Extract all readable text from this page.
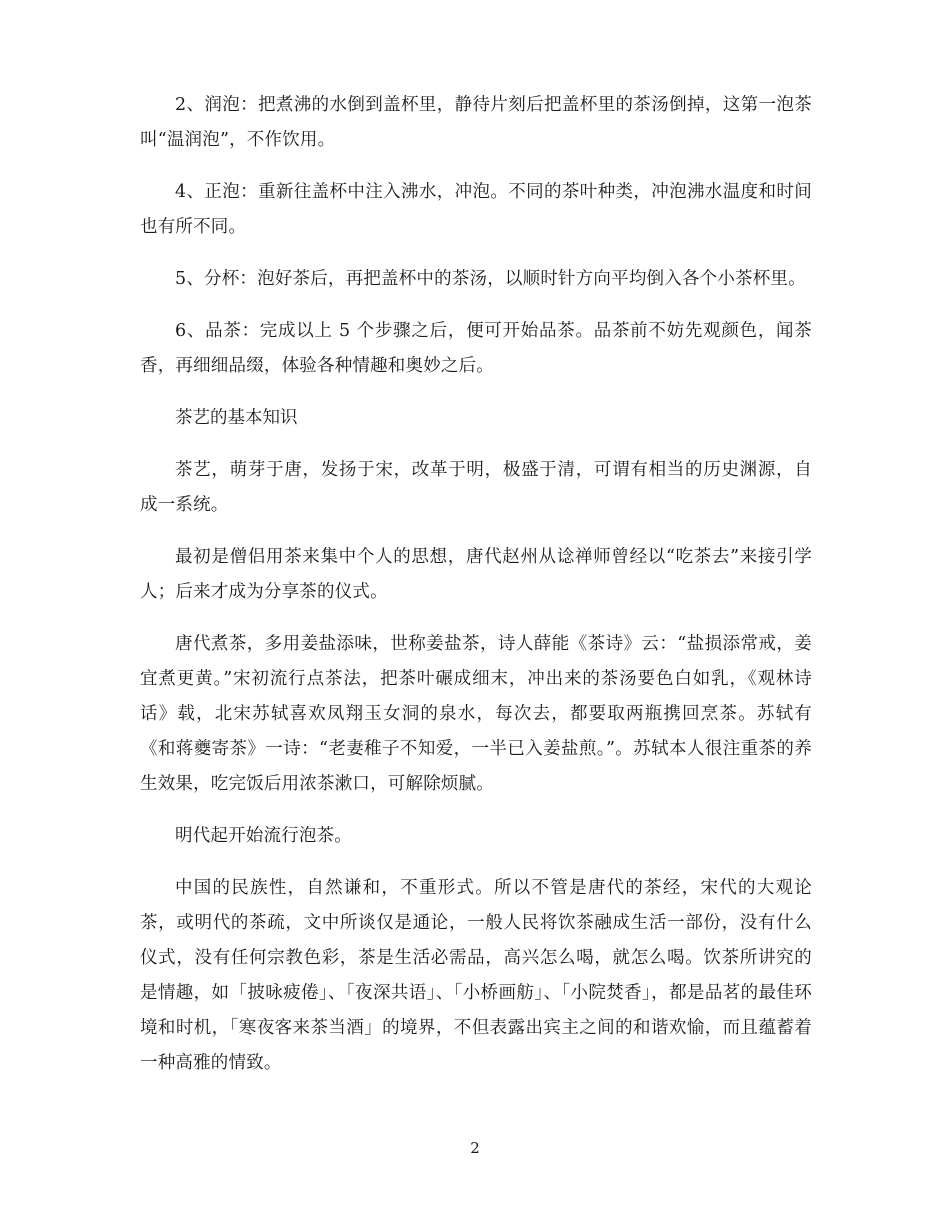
2、润泡：把煮沸的水倒到盖杯里，静待片刻后把盖杯里的茶汤倒掉，这第一泡茶叫“温润泡”，不作饮用。

4、正泡：重新往盖杯中注入沸水，冲泡。不同的茶叶种类，冲泡沸水温度和时间也有所不同。

5、分杯：泡好茶后，再把盖杯中的茶汤，以顺时针方向平均倒入各个小茶杯里。

6、品茶：完成以上 5 个步骤之后，便可开始品茶。品茶前不妨先观颜色，闻茶香，再细细品缀，体验各种情趣和奥妙之后。

茶艺的基本知识

茶艺，萌芽于唐，发扬于宋，改革于明，极盛于清，可谓有相当的历史渊源，自成一系统。

最初是僧侣用茶来集中个人的思想，唐代赵州从谂禅师曾经以“吃茶去”来接引学人；后来才成为分享茶的仪式。

唐代煮茶，多用姜盐添味，世称姜盐茶，诗人薛能《茶诗》云：“盐损添常戒，姜宜煮更黄。”宋初流行点茶法，把茶叶碾成细末，冲出来的茶汤要色白如乳，《观林诗话》载，北宋苏轼喜欢凤翔玉女洞的泉水，每次去，都要取两瓶携回烹茶。苏轼有《和蒋夔寄茶》一诗：“老妻稚子不知爱，一半已入姜盐煎。”。苏轼本人很注重茶的养生效果，吃完饭后用浓茶漱口，可解除烦腻。

明代起开始流行泡茶。

中国的民族性，自然谦和，不重形式。所以不管是唐代的茶经，宋代的大观论茶，或明代的茶疏，文中所谈仅是通论，一般人民将饮茶融成生活一部份，没有什么仪式，没有任何宗教色彩，茶是生活必需品，高兴怎么喝，就怎么喝。饮茶所讲究的是情趣，如「披咏疲倦」、「夜深共语」、「小桥画舫」、「小院焚香」，都是品茗的最佳环境和时机，「寒夜客来茶当酒」的境界，不但表露出宾主之间的和谐欢愉，而且蕴蓄着一种高雅的情致。

2
